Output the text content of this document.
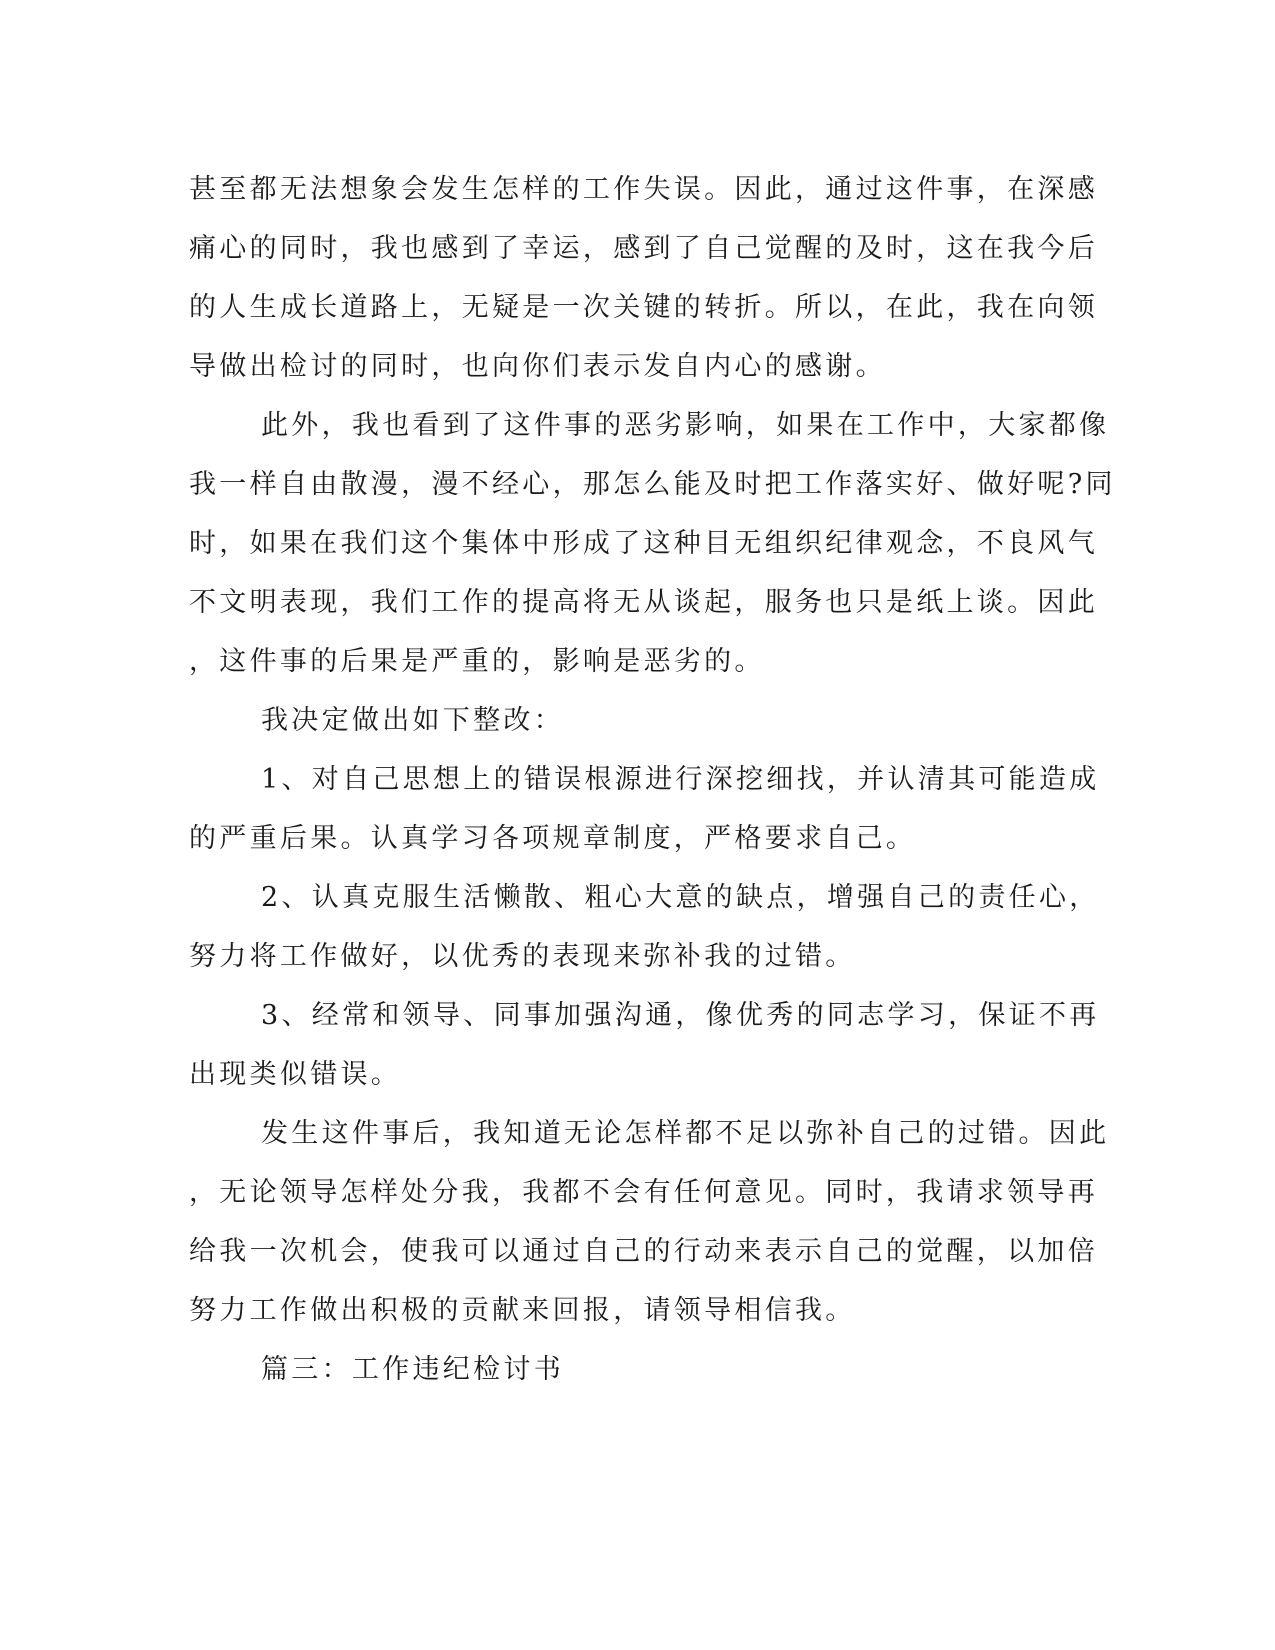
甚至都无法想象会发生怎样的工作失误。因此，通过这件事，在深感
痛心的同时，我也感到了幸运，感到了自己觉醒的及时，这在我今后
的人生成长道路上，无疑是一次关键的转折。所以，在此，我在向领
导做出检讨的同时，也向你们表示发自内心的感谢。
此外，我也看到了这件事的恶劣影响，如果在工作中，大家都像
我一样自由散漫，漫不经心，那怎么能及时把工作落实好、做好呢?同
时，如果在我们这个集体中形成了这种目无组织纪律观念，不良风气
不文明表现，我们工作的提高将无从谈起，服务也只是纸上谈。因此
，这件事的后果是严重的，影响是恶劣的。
我决定做出如下整改：
1、对自己思想上的错误根源进行深挖细找，并认清其可能造成
的严重后果。认真学习各项规章制度，严格要求自己。
2、认真克服生活懒散、粗心大意的缺点，增强自己的责任心，
努力将工作做好，以优秀的表现来弥补我的过错。
3、经常和领导、同事加强沟通，像优秀的同志学习，保证不再
出现类似错误。
发生这件事后，我知道无论怎样都不足以弥补自己的过错。因此
，无论领导怎样处分我，我都不会有任何意见。同时，我请求领导再
给我一次机会，使我可以通过自己的行动来表示自己的觉醒，以加倍
努力工作做出积极的贡献来回报，请领导相信我。
篇三：工作违纪检讨书
